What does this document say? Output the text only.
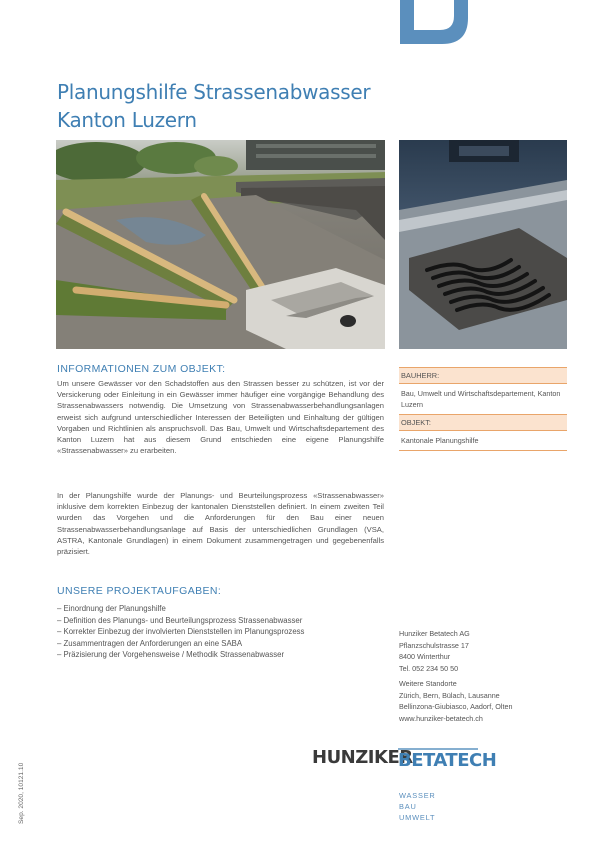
Planungshilfe Strassenabwasser
Kanton Luzern
INFORMATIONEN ZUM OBJEKT:
Um unsere Gewässer vor den Schadstoffen aus den Strassen besser zu schützen, ist vor der Versickerung oder Einleitung in ein Gewässer immer häufiger eine vorgängige Behandlung des Strassenabwassers notwendig. Die Umsetzung von Strassenabwasserbehandlungsanlagen erweist sich aufgrund unterschiedlicher Interessen der Beteiligten und Einhaltung der gültigen Vorgaben und Richtlinien als anspruchsvoll. Das Bau, Umwelt und Wirtschaftsdepartement des Kanton Luzern hat aus diesem Grund entschieden eine eigene Planungshilfe «Strassenabwasser» zu erarbeiten.
In der Planungshilfe wurde der Planungs- und Beurteilungsprozess «Strassenabwasser» inklusive dem korrekten Einbezug der kantonalen Dienststellen definiert. In einem zweiten Teil wurden das Vorgehen und die Anforderungen für den Bau einer neuen Strassenabwasserbehandlungsanlage auf Basis der unterschiedlichen Grundlagen (VSA, ASTRA, Kantonale Grundlagen) in einem Dokument zusammengetragen und gegebenenfalls präzisiert.
UNSERE PROJEKTAUFGABEN:
– Einordnung der Planungshilfe
– Definition des Planungs- und Beurteilungsprozess Strassenabwasser
– Korrekter Einbezug der involvierten Dienststellen im Planungsprozess
– Zusammentragen der Anforderungen an eine SABA
– Präzisierung der Vorgehensweise / Methodik Strassenabwasser
BAUHERR:
Bau, Umwelt und Wirtschaftsdepartement, Kanton Luzern
OBJEKT:
Kantonale Planungshilfe
Hunziker Betatech AG
Pflanzschulstrasse 17
8400 Winterthur
Tel. 052 234 50 50
Weitere Standorte
Zürich, Bern, Bülach, Lausanne
Bellinzona-Giubiasco, Aadorf, Olten
www.hunziker-betatech.ch
HUNZIKER
BETATECH
WASSER
BAU
UMWELT
Sep. 2020, 10121.10
